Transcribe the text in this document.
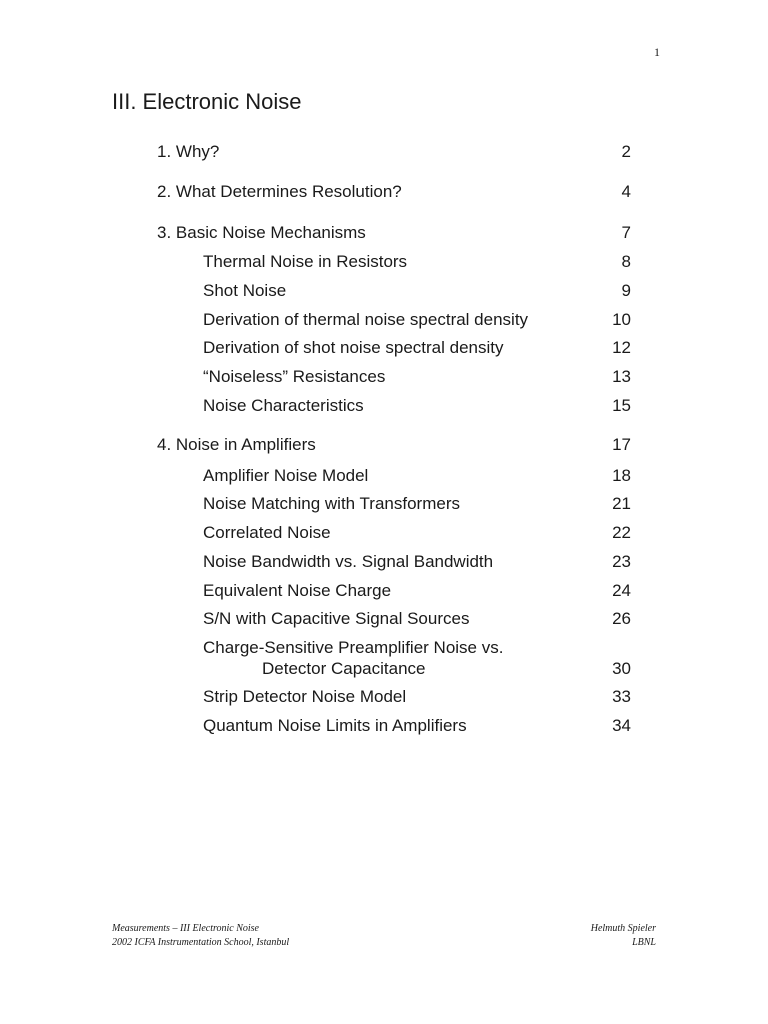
1
III. Electronic Noise
1. Why?	2
2. What Determines Resolution?	4
3. Basic Noise Mechanisms	7
Thermal Noise in Resistors	8
Shot Noise	9
Derivation of thermal noise spectral density	10
Derivation of shot noise spectral density	12
“Noiseless” Resistances	13
Noise Characteristics	15
4. Noise in Amplifiers	17
Amplifier Noise Model	18
Noise Matching with Transformers	21
Correlated Noise	22
Noise Bandwidth vs. Signal Bandwidth	23
Equivalent Noise Charge	24
S/N with Capacitive Signal Sources	26
Charge-Sensitive Preamplifier Noise vs.
Detector Capacitance	30
Strip Detector Noise Model	33
Quantum Noise Limits in Amplifiers	34
Measurements – III Electronic Noise
2002 ICFA Instrumentation School, Istanbul
Helmuth Spieler
LBNL
